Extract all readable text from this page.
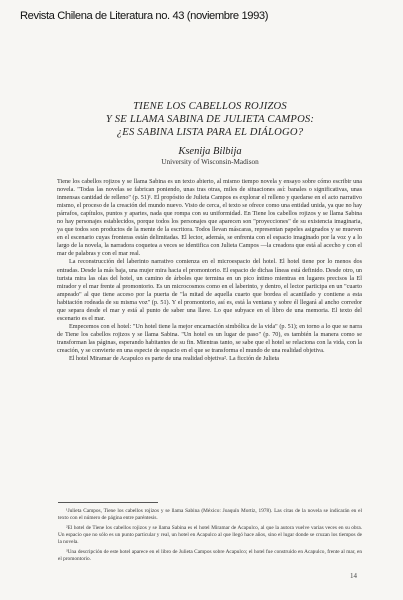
Revista Chilena de Literatura no. 43 (noviembre 1993)
TIENE LOS CABELLOS ROJIZOS
Y SE LLAMA SABINA DE JULIETA CAMPOS:
¿ES SABINA LISTA PARA EL DIÁLOGO?
Ksenija Bilbija
University of Wisconsin-Madison

Tiene los cabellos rojizos y se llama Sabina es un texto abierto, al mismo tiempo novela y ensayo sobre cómo escribir una novela. "Todas las novelas se fabrican poniendo, unas tras otras, miles de situaciones así: banales o significativas, unas inmensas cantidad de relleno" (p. 51)¹. El propósito de Julieta Campos es explorar el relleno y quedarse en el acto narrativo mismo, el proceso de la creación del mundo nuevo. Visto de cerca, el texto se ofrece como una entidad unida, ya que no hay párrafos, capítulos, puntos y apartes, nada que rompa con su uniformidad. En Tiene los cabellos rojizos y se llama Sabina no hay personajes establecidos, porque todos los personajes que aparecen son "proyecciones" de su existencia imaginaria, ya que todos son productos de la mente de la escritora. Todos llevan máscaras, representan papeles asignados y se mueven en el escenario cuyas fronteras están delimitadas. El lector, además, se enfrenta con el espacio imaginado por la voz y a lo largo de la novela, la narradora coquetea a veces se identifica con Julieta Campos —la creadora que está al acecho y con el mar de palabras y con el mar real.

La reconstrucción del laberinto narrativo comienza en el microespacio del hotel. El hotel tiene por lo menos dos entradas. Desde la más baja, una mujer mira hacia el promontorio. El espacio de dichas líneas está definido. Desde otro, un turista mira las olas del hotel, un camino de árboles que termina en un pico íntimo mientras en lugares precisos la El mirador y el mar frente al promontorio. Es un microcosmos como en el laberinto, y dentro, el lector participa en un "cuarto ampeado" al que tiene acceso por la puerta de "la mitad de aquella cuarto que bordea el acantilado y contiene a esta habitación rodeada de su misma voz" (p. 51). Y el promontorio, así es, está la ventana y sobre él llegará al ancho corredor que separa desde el mar y está al punto de saber una llave. Lo que subyace en el libro de una memoria. El texto del escenario es el mar.

Empecemos con el hotel: "Un hotel tiene la mejor encarnación simbólica de la vida" (p. 51); en torno a lo que se narra de Tiene los cabellos rojizos y se llama Sabina. "Un hotel es un lugar de paso" (p. 70), es también la manera como se transforman las páginas, esperando habitantes de su fin. Mientras tanto, se sabe que el hotel se relaciona con la vida, con la creación, y se convierte en una especie de espacio en el que se transforma el mundo de una realidad objetiva.

El hotel Miramar de Acapulco es parte de una realidad objetiva². La ficción de Julieta

¹Julieta Campos, Tiene los cabellos rojizos y se llama Sabina (México: Joaquín Mortiz, 1978). Las citas de la novela se indicarán en el texto con el número de página entre paréntesis.

²El hotel de Tiene los cabellos rojizos y se llama Sabina es el hotel Miramar de Acapulco, al que la autora vuelve varias veces en su obra. Un espacio que no sólo es un punto particular y real, un hotel en Acapulco al que llegó hace años, sino el lugar donde se cruzan los tiempos de la novela.

³Una descripción de este hotel aparece en el libro de Julieta Campos sobre Acapulco; el hotel fue construido en Acapulco, frente al mar, en el promontorio.

14
